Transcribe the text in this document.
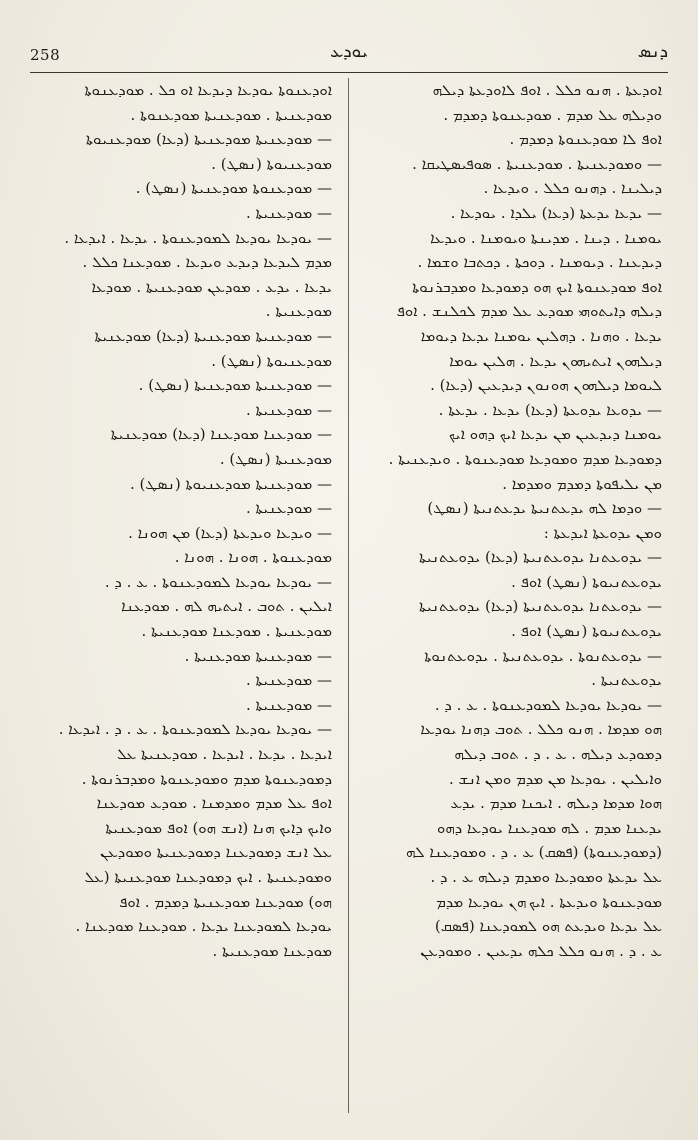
258	ܝܘܕܥ	ܕܢܣ
ܐܘܕܥܬܐ . ܗܢܘ ܟܠܠ . ܐܘܦ ܠܐܘܕܥܬܐ ܕܝܠܗ
ܘܕܝܠܗ ܥܠ ܡܕܡ . ܡܘܕܥܢܘܬܐ ܕܡܕܡ .
ܐܘܦ ܠܐ ܡܘܕܥܢܘܬܐ ܕܡܕܡ .
— ܘܡܘܕܥܢܝܬܐ . ܡܘܕܥܢܝܬܐ . ܣܘܦܝܣܛܝܩܐ .
ܕܝܠܝܢܐ . ܕܗܢܘ ܟܠܠ . ܘܝܕܥܐ .
— ܝܕܥܐ ܝܕܥܬܐ (ܕܥܐ) ܝܠܕܐ . ܝܘܕܥܐ .
ܝܘܡܢܐ . ܕܝܢܐ . ܡܕܝܢܬܐ ܘܝܘܡܢܐ . ܘܝܕܥܐ
ܕܝܕܥܢܐ . ܕܝܘܡܢܐ . ܕܘܟܬܐ . ܕܟܬܒܐ ܘܫܡܐ .
ܐܘܦ ܡܘܕܥܢܘܬܐ ܐܝܟ ܗܘ ܕܡܘܕܥܐ ܘܡܕܒܪܢܘܬܐ
ܕܝܠܗ ܕܐܝܬܘܗܝ ܡܘܕܥ ܥܠ ܡܕܡ ܠܟܠܢܫ . ܐܘܦ
ܝܕܥܐ . ܘܗܢܐ . ܕܗܠܝܢ ܝܘܡܢܐ ܝܕܥܐ ܕܝܘܡܐ
ܕܝܠܗܘܢ ܐܝܬܝܗܘܢ ܝܕܥܐ . ܗܠܝܢ ܝܘܡܐ
ܠܝܘܡܐ ܕܝܠܗܘܢ ܗܘܢܘܢ ܕܝܕܥܝܢ (ܕܥܐ) .
— ܝܕܘܥܐ ܝܕܘܥܬܐ (ܕܥܐ) ܝܕܥܐ . ܝܕܥܬܐ .
ܝܘܡܢܐ ܕܝܕܥܝܢ ܡܢ ܝܕܥܐ ܐܝܟ ܕܗܘ ܐܝܟ
ܕܡܘܕܥܐ ܡܕܡ ܘܡܘܕܥܐ ܡܘܕܥܢܘܬܐ . ܘܝܕܥܢܝܬܐ .
ܡܢ ܝܠܝܦܘܬܐ ܕܡܕܡ ܘܡܕܡܐ .
— ܘܕܡܐ ܠܗ ܝܕܥܬܢܝܬܐ ܝܕܥܬܢܝܬܐ (ܢܣܛ)
ܘܡܢ ܝܕܘܥܬܐ ܐܝܕܥܬܐ :
— ܝܕܘܥܬܢܐ ܝܕܘܥܬܢܝܬܐ (ܕܥܐ) ܝܕܘܥܬܢܝܬܐ
ܝܕܘܥܬܢܝܘܬܐ (ܢܣܛ) ܐܘܦ .
— ܝܕܘܥܬܢܐ ܝܕܘܥܬܢܝܬܐ (ܕܥܐ) ܝܕܘܥܬܢܝܬܐ
ܝܕܘܥܬܢܝܘܬܐ (ܢܣܛ) ܐܘܦ .
— ܝܕܘܥܬܢܘܬܐ . ܝܕܘܥܬܢܝܬܐ . ܝܕܘܥܬܢܘܬܐ
ܝܕܘܥܬܢܝܬܐ .
— ܝܘܕܥܐ ܝܘܕܥܐ ܠܡܘܕܥܢܘܬܐ . ܥ . ܕ .
ܗܘ ܡܕܡܐ . ܗܢܘ ܟܠܠ . ܬܘܒ ܕܗܢܐ ܝܘܕܥܐ
ܕܡܘܕܥ ܕܝܠܗ . ܥ . ܕ . ܬܘܒ ܕܝܠܗ
ܘܐܝܠܝܢ . ܝܘܕܥܐ ܡܢ ܡܕܡ ܘܡܢ ܐܢܫ .
ܗܘܐ ܡܕܡܐ ܕܝܠܗ . ܐܝܟܢܐ ܡܕܡ . ܝܕܥ
ܝܕܥܢܐ ܡܕܡ . ܠܗ ܡܘܕܥܢܐ ܝܘܕܥܐ ܕܗܘ
(ܕܡܘܕܥܢܘܬܐ) (ܦܣܩ) ܥ . ܕ . ܘܡܘܕܥܢܐ ܠܗ
ܥܠ ܝܕܥܬܐ ܘܡܘܕܥܐ ܘܡܕܡ ܕܝܠܗ ܥ . ܕ .
ܡܘܕܥܢܘܬܐ ܘܝܕܥܬܐ . ܐܝܟ ܗܢ ܝܘܕܥܐ ܡܕܡ
ܥܠ ܝܕܥܐ ܘܝܕܥܬ ܗܘ ܠܡܘܕܥܢܐ (ܦܣܩ)
ܥ . ܕ . ܗܢܘ ܟܠܠ ܟܠܗ ܝܕܥܝܢ . ܘܡܘܕܥܢ
ܐܘܕܥܢܘܬܐ ܝܘܕܥܐ ܕܝܕܥܐ ܐܘ ܟܠ . ܡܘܕܥܢܘܬܐ
ܡܘܕܥܢܝܬܐ . ܡܘܕܥܢܝܬܐ ܡܘܕܥܢܘܬܐ .
— ܡܘܕܥܢܝܬܐ ܡܘܕܥܢܝܬܐ (ܕܥܐ) ܡܘܕܥܢܝܘܬܐ
ܡܘܕܥܢܝܘܬܐ (ܢܣܛ) .
— ܡܘܕܥܢܘܬܐ ܡܘܕܥܢܝܬܐ (ܢܣܛ) .
— ܡܘܕܥܢܝܬܐ .
— ܝܘܕܥܐ ܝܘܕܥܐ ܠܡܘܕܥܢܘܬܐ . ܝܕܥܐ . ܐܝܕܥܐ .
ܡܕܡ ܠܝܕܥܐ ܕܝܕܥ ܘܝܕܥܐ . ܡܘܕܥܢܐ ܟܠܠ .
ܝܕܥܐ . ܝܕܥ . ܡܘܕܥܢ ܡܘܕܥܢܝܬܐ . ܡܘܕܥܐ
ܡܘܕܥܢܝܬܐ .
— ܡܘܕܥܢܝܬܐ ܡܘܕܥܢܝܬܐ (ܕܥܐ) ܡܘܕܥܢܝܬܐ
ܡܘܕܥܢܝܘܬܐ (ܢܣܛ) .
— ܡܘܕܥܢܝܬܐ ܡܘܕܥܢܝܬܐ (ܢܣܛ) .
— ܡܘܕܥܢܝܬܐ .
— ܡܘܕܥܢܐ ܡܘܕܥܢܐ (ܕܥܐ) ܡܘܕܥܢܝܬܐ
ܡܘܕܥܢܝܬܐ (ܢܣܛ) .
— ܡܘܕܥܢܝܬܐ ܡܘܕܥܢܝܘܬܐ (ܢܣܛ) .
— ܡܘܕܥܢܝܬܐ .
— ܘܝܕܥܐ ܘܝܕܥܬܐ (ܕܥܐ) ܡܢ ܗܘܢܐ .
ܡܘܕܥܢܘܬܐ . ܗܘܢܐ . ܗܘܢܐ .
— ܝܘܕܥܐ ܝܘܕܥܐ ܠܡܘܕܥܢܘܬܐ . ܥ . ܕ .
ܐܝܠܝܢ . ܬܘܒ . ܐܝܬܝܗ ܠܗ . ܡܘܕܥܢܐ
ܡܘܕܥܢܝܬܐ . ܡܘܕܥܢܐ ܡܘܕܥܢܝܬܐ .
— ܡܘܕܥܢܝܬܐ ܡܘܕܥܢܝܬܐ .
— ܡܘܕܥܢܝܬܐ .
— ܡܘܕܥܢܝܬܐ .
— ܝܘܕܥܐ ܝܘܕܥܐ ܠܡܘܕܥܢܘܬܐ . ܥ . ܕ . ܐܝܕܥܐ .
ܐܝܕܥܐ . ܝܕܥܐ . ܐܝܕܥܐ . ܡܘܕܥܢܝܬܐ ܥܠ
ܕܡܘܕܥܢܘܬܐ ܡܕܡ ܘܡܘܕܥܢܘܬܐ ܘܡܕܒܪܢܘܬܐ .
ܐܘܦ ܥܠ ܡܕܡ ܘܡܕܡܢܐ . ܡܘܕܥ ܡܘܕܥܢܐ
ܘܐܝܟ ܕܐܝܟ ܗܢܐ (ܐܢܫ ܗܘ) ܐܘܦ ܡܘܕܥܢܝܬܐ
ܥܠ ܐܢܫ ܕܡܘܕܥܢܐ ܕܡܘܕܥܢܝܬܐ ܘܡܘܕܥܢ
ܘܡܘܕܥܢܝܬܐ . ܐܝܟ ܕܡܘܕܥܢܐ ܡܘܕܥܢܝܬܐ (ܥܠ
ܗܘ) ܡܘܕܥܢܐ ܡܘܕܥܢܝܬܐ ܕܡܕܡ . ܐܘܦ
ܝܘܕܥܐ ܠܡܘܕܥܢܐ ܝܕܥܐ . ܡܘܕܥܢܐ ܡܘܕܥܢܐ .
ܡܘܕܥܢܐ ܡܘܕܥܢܝܬܐ .
